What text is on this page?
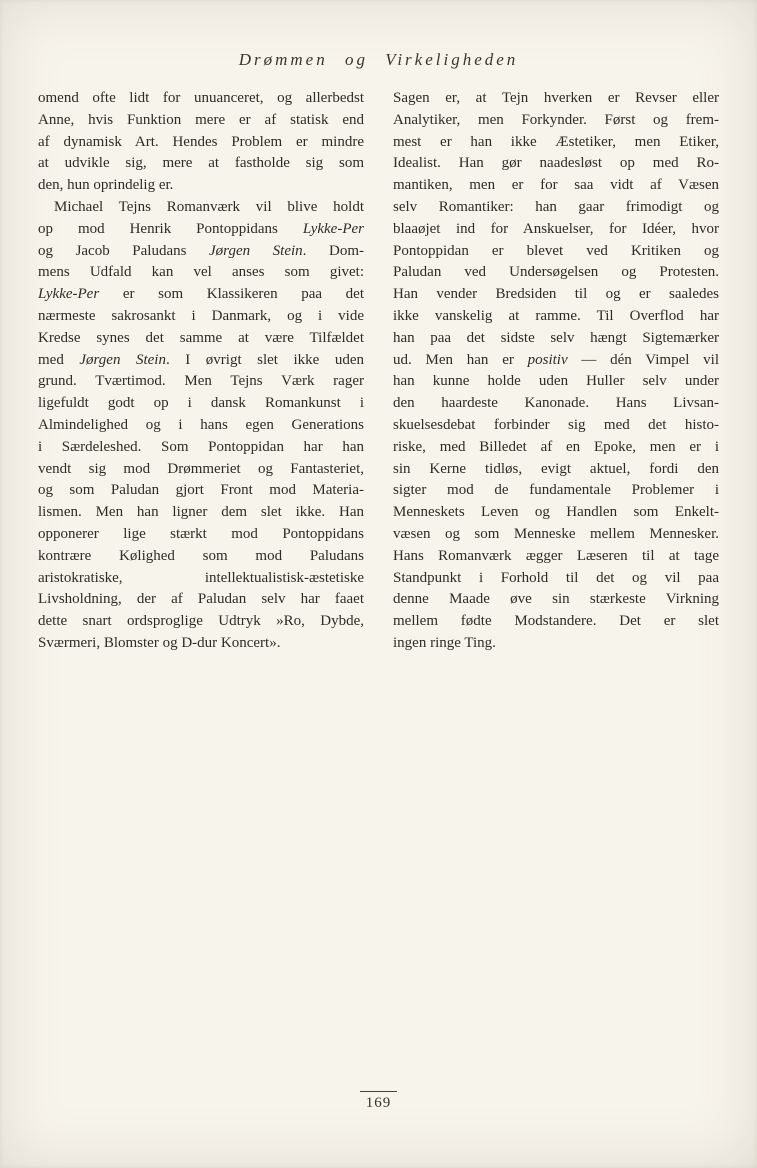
Drømmen og Virkeligheden
omend ofte lidt for unuanceret, og allerbedst
Anne, hvis Funktion mere er af statisk end
af dynamisk Art. Hendes Problem er mindre
at udvikle sig, mere at fastholde sig som
den, hun oprindelig er.
Michael Tejns Romanværk vil blive holdt
op mod Henrik Pontoppidans Lykke-Per
og Jacob Paludans Jørgen Stein. Dom-
mens Udfald kan vel anses som givet:
Lykke-Per er som Klassikeren paa det
nærmeste sakrosankt i Danmark, og i vide
Kredse synes det samme at være Tilfældet
med Jørgen Stein. I øvrigt slet ikke uden
grund. Tværtimod. Men Tejns Værk rager
ligefuldt godt op i dansk Romankunst i
Almindelighed og i hans egen Generations
i Særdeleshed. Som Pontoppidan har han
vendt sig mod Drømmeriet og Fantasteriet,
og som Paludan gjort Front mod Materia-
lismen. Men han ligner dem slet ikke. Han
opponerer lige stærkt mod Pontoppidans
kontrære Kølighed som mod Paludans
aristokratiske, intellektualistisk-æstetiske
Livsholdning, der af Paludan selv har faaet
dette snart ordsproglige Udtryk »Ro, Dybde,
Sværmeri, Blomster og D-dur Koncert».
Sagen er, at Tejn hverken er Revser eller
Analytiker, men Forkynder. Først og frem-
mest er han ikke Æstetiker, men Etiker,
Idealist. Han gør naadesløst op med Ro-
mantiken, men er for saa vidt af Væsen
selv Romantiker: han gaar frimodigt og
blaaøjet ind for Anskuelser, for Idéer, hvor
Pontoppidan er blevet ved Kritiken og
Paludan ved Undersøgelsen og Protesten.
Han vender Bredsiden til og er saaledes
ikke vanskelig at ramme. Til Overflod har
han paa det sidste selv hængt Sigtemærker
ud. Men han er positiv — dén Vimpel vil
han kunne holde uden Huller selv under
den haardeste Kanonade. Hans Livsan-
skuelsesdebat forbinder sig med det histo-
riske, med Billedet af en Epoke, men er i
sin Kerne tidløs, evigt aktuel, fordi den
sigter mod de fundamentale Problemer i
Menneskets Leven og Handlen som Enkelt-
væsen og som Menneske mellem Mennesker.
Hans Romanværk ægger Læseren til at tage
Standpunkt i Forhold til det og vil paa
denne Maade øve sin stærkeste Virkning
mellem fødte Modstandere. Det er slet
ingen ringe Ting.
169
